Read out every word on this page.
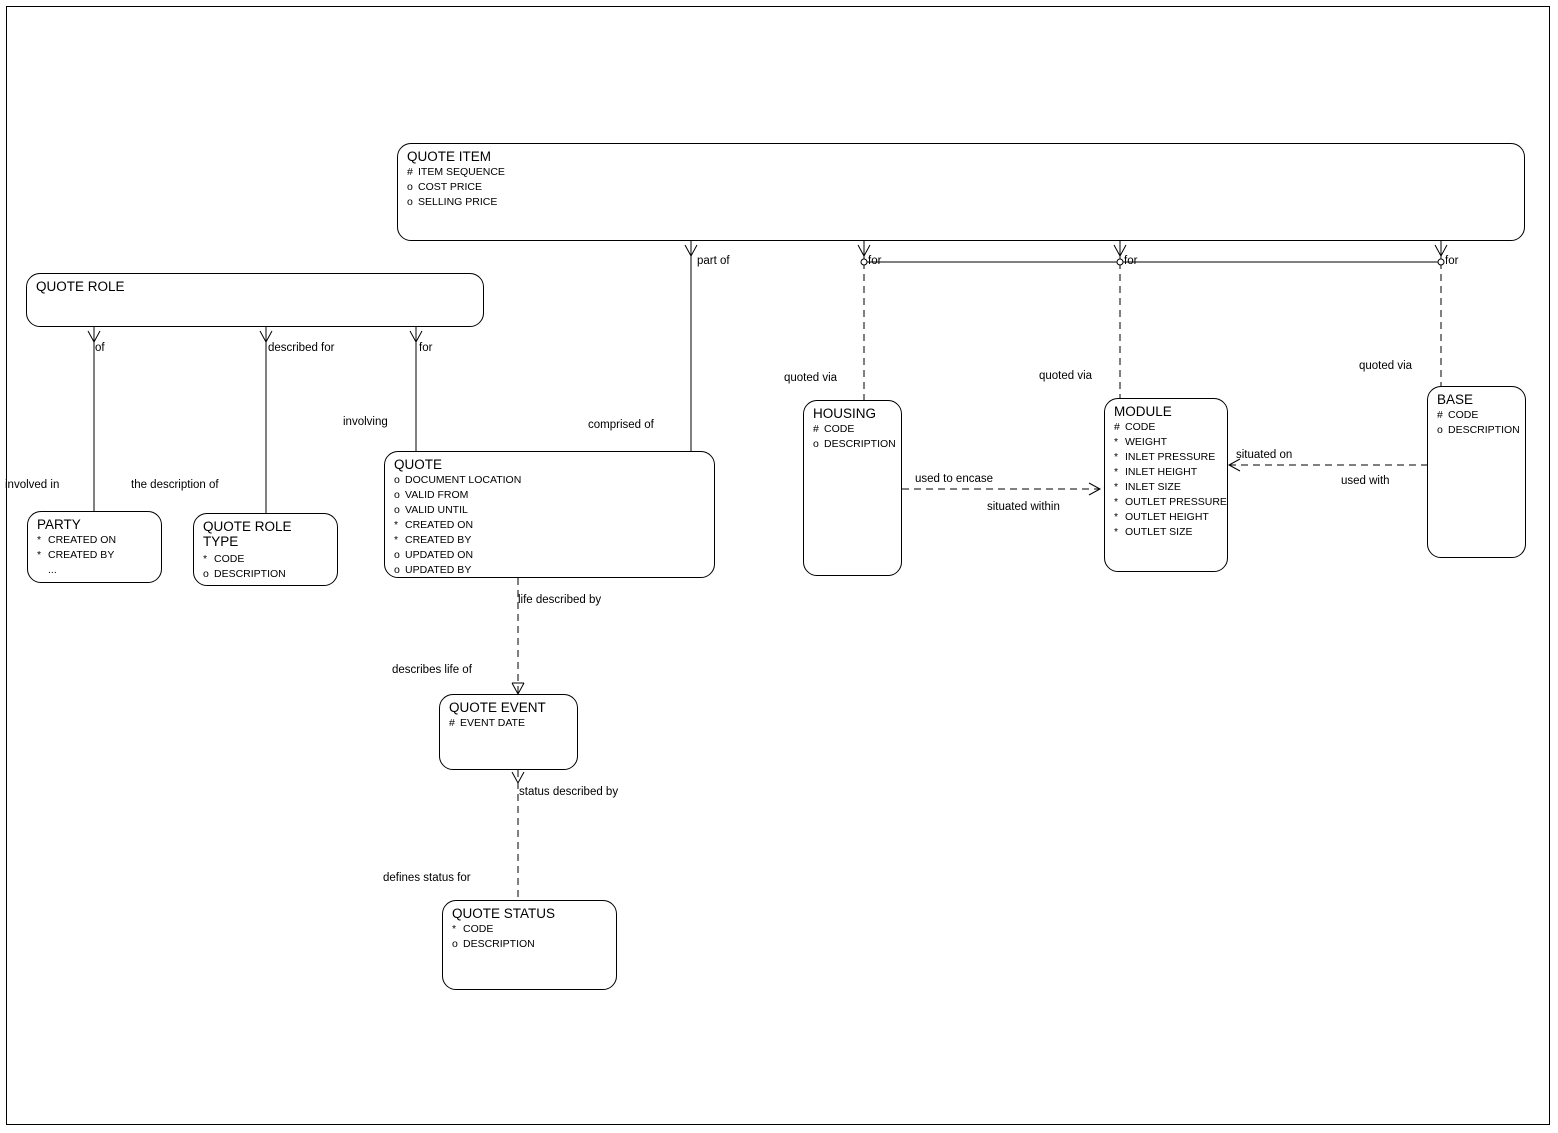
QUOTE ITEM
# ITEM SEQUENCE
o COST PRICE
o SELLING PRICE
QUOTE ROLE
PARTY
* CREATED ON
* CREATED BY
...
QUOTE ROLE TYPE
* CODE
o DESCRIPTION
QUOTE
o DOCUMENT LOCATION
o VALID FROM
o VALID UNTIL
* CREATED ON
* CREATED BY
o UPDATED ON
o UPDATED BY
QUOTE EVENT
# EVENT DATE
QUOTE STATUS
* CODE
o DESCRIPTION
HOUSING
# CODE
o DESCRIPTION
MODULE
# CODE
* WEIGHT
* INLET PRESSURE
* INLET HEIGHT
* INLET SIZE
* OUTLET PRESSURE
* OUTLET HEIGHT
* OUTLET SIZE
BASE
# CODE
o DESCRIPTION
part of	for	for	for
of	described for	for
involved in	the description of
involving	comprised of
quoted via	quoted via
quoted via
used to encase
situated within
situated on
used with
life described by
describes life of
status described by
defines status for
